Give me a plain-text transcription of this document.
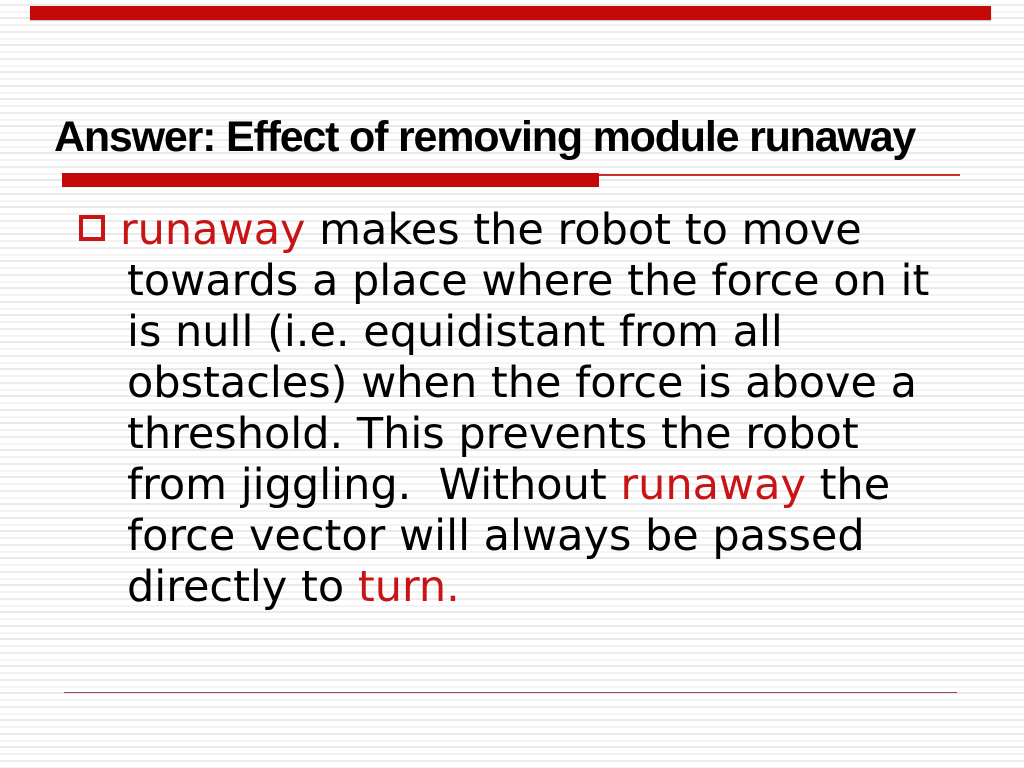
Answer: Effect of removing module runaway
runaway makes the robot to move
towards a place where the force on it
is null (i.e. equidistant from all
obstacles) when the force is above a
threshold. This prevents the robot
from jiggling.  Without runaway the
force vector will always be passed
directly to turn.
